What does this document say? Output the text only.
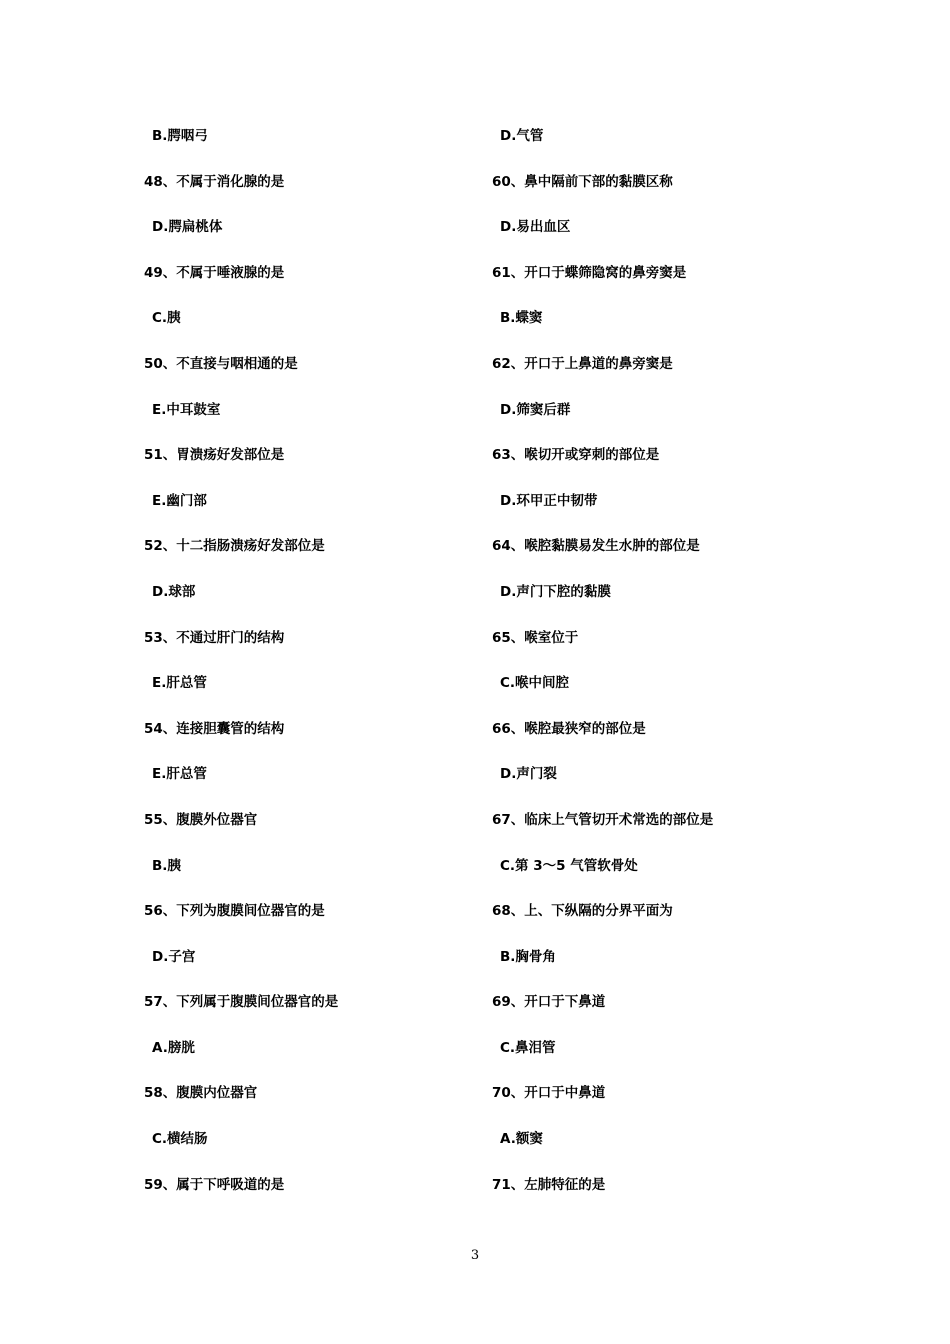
B.腭咽弓
48、不属于消化腺的是
D.腭扁桃体
49、不属于唾液腺的是
C.胰
50、不直接与咽相通的是
E.中耳鼓室
51、胃溃疡好发部位是
E.幽门部
52、十二指肠溃疡好发部位是
D.球部
53、不通过肝门的结构
E.肝总管
54、连接胆囊管的结构
E.肝总管
55、腹膜外位器官
B.胰
56、下列为腹膜间位器官的是
D.子宫
57、下列属于腹膜间位器官的是
A.膀胱
58、腹膜内位器官
C.横结肠
59、属于下呼吸道的是
D.气管
60、鼻中隔前下部的黏膜区称
D.易出血区
61、开口于蝶筛隐窝的鼻旁窦是
B.蝶窦
62、开口于上鼻道的鼻旁窦是
D.筛窦后群
63、喉切开或穿刺的部位是
D.环甲正中韧带
64、喉腔黏膜易发生水肿的部位是
D.声门下腔的黏膜
65、喉室位于
C.喉中间腔
66、喉腔最狭窄的部位是
D.声门裂
67、临床上气管切开术常选的部位是
C.第 3～5 气管软骨处
68、上、下纵隔的分界平面为
B.胸骨角
69、开口于下鼻道
C.鼻泪管
70、开口于中鼻道
A.额窦
71、左肺特征的是
3
